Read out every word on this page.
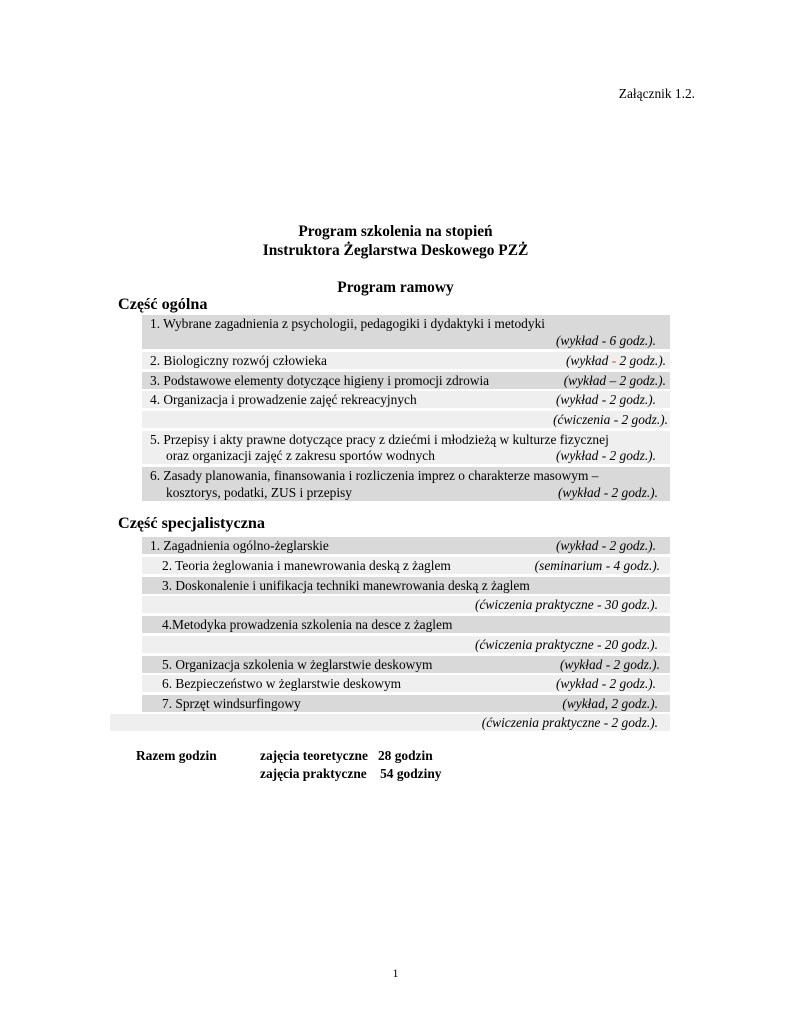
Załącznik 1.2.
Program szkolenia na stopień
Instruktora Żeglarstwa Deskowego PZŻ
Program ramowy
Część ogólna
1. Wybrane zagadnienia z psychologii, pedagogiki i dydaktyki i metodyki
(wykład - 6 godz.).
2. Biologiczny rozwój człowieka	(wykład - 2 godz.).
3. Podstawowe elementy dotyczące higieny i promocji zdrowia	(wykład – 2 godz.).
4. Organizacja i prowadzenie zajęć rekreacyjnych	(wykład - 2 godz.).
(ćwiczenia - 2 godz.).
5. Przepisy i akty prawne dotyczące pracy z dziećmi i młodzieżą w kulturze fizycznej
oraz organizacji zajęć z zakresu sportów wodnych	(wykład - 2 godz.).
6. Zasady planowania, finansowania i rozliczenia imprez o charakterze masowym –
kosztorys, podatki, ZUS i przepisy	(wykład - 2 godz.).
Część specjalistyczna
1. Zagadnienia ogólno-żeglarskie	(wykład - 2 godz.).
2. Teoria żeglowania i manewrowania deską z żaglem	(seminarium - 4 godz.).
3. Doskonalenie i unifikacja techniki manewrowania deską z żaglem
(ćwiczenia praktyczne - 30 godz.).
4.Metodyka prowadzenia szkolenia na desce z żaglem
(ćwiczenia praktyczne - 20 godz.).
5. Organizacja szkolenia w żeglarstwie deskowym	(wykład - 2 godz.).
6. Bezpieczeństwo w żeglarstwie deskowym	(wykład - 2 godz.).
7. Sprzęt windsurfingowy	(wykład, 2 godz.).
(ćwiczenia praktyczne - 2 godz.).
Razem godzin	zajęcia teoretyczne   28 godzin
zajęcia praktyczne    54 godziny
1
